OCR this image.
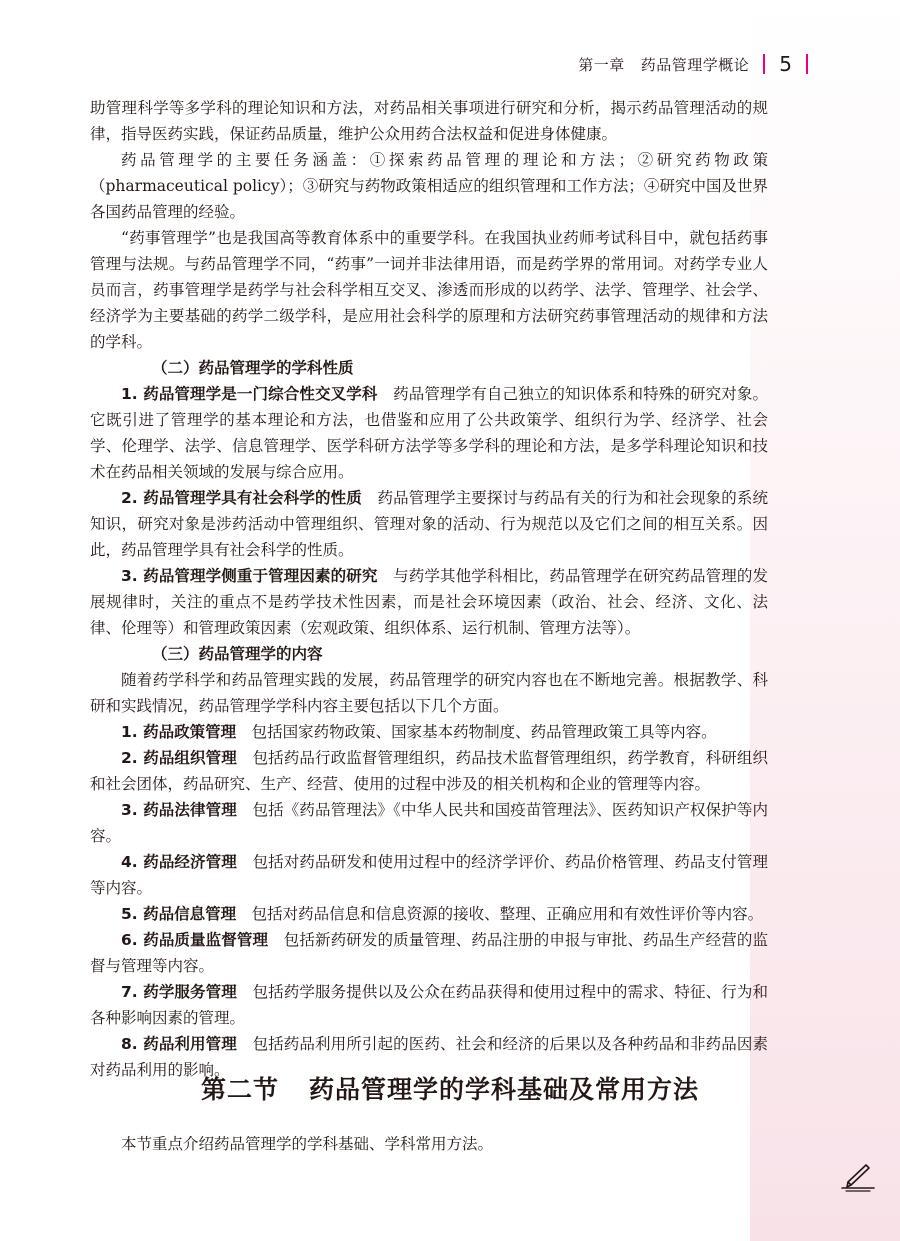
第一章 药品管理学概论 5

助管理科学等多学科的理论知识和方法，对药品相关事项进行研究和分析，揭示药品管理活动的规律，指导医药实践，保证药品质量，维护公众用药合法权益和促进身体健康。

药品管理学的主要任务涵盖：①探索药品管理的理论和方法；②研究药物政策（pharmaceutical policy）；③研究与药物政策相适应的组织管理和工作方法；④研究中国及世界各国药品管理的经验。

“药事管理学”也是我国高等教育体系中的重要学科。在我国执业药师考试科目中，就包括药事管理与法规。与药品管理学不同，“药事”一词并非法律用语，而是药学界的常用词。对药学专业人员而言，药事管理学是药学与社会科学相互交叉、渗透而形成的以药学、法学、管理学、社会学、经济学为主要基础的药学二级学科，是应用社会科学的原理和方法研究药事管理活动的规律和方法的学科。

（二）药品管理学的学科性质

1. 药品管理学是一门综合性交叉学科　 药品管理学有自己独立的知识体系和特殊的研究对象。它既引进了管理学的基本理论和方法，也借鉴和应用了公共政策学、组织行为学、经济学、社会学、伦理学、法学、信息管理学、医学科研方法学等多学科的理论和方法，是多学科理论知识和技术在药品相关领域的发展与综合应用。

2. 药品管理学具有社会科学的性质　 药品管理学主要探讨与药品有关的行为和社会现象的系统知识，研究对象是涉药活动中管理组织、管理对象的活动、行为规范以及它们之间的相互关系。因此，药品管理学具有社会科学的性质。

3. 药品管理学侧重于管理因素的研究　 与药学其他学科相比，药品管理学在研究药品管理的发展规律时，关注的重点不是药学技术性因素，而是社会环境因素（政治、社会、经济、文化、法律、伦理等）和管理政策因素（宏观政策、组织体系、运行机制、管理方法等）。

（三）药品管理学的内容

随着药学科学和药品管理实践的发展，药品管理学的研究内容也在不断地完善。根据教学、科研和实践情况，药品管理学学科内容主要包括以下几个方面。

1. 药品政策管理　 包括国家药物政策、国家基本药物制度、药品管理政策工具等内容。

2. 药品组织管理　 包括药品行政监督管理组织，药品技术监督管理组织，药学教育，科研组织和社会团体，药品研究、生产、经营、使用的过程中涉及的相关机构和企业的管理等内容。

3. 药品法律管理　 包括《药品管理法》《中华人民共和国疫苗管理法》、医药知识产权保护等内容。

4. 药品经济管理　 包括对药品研发和使用过程中的经济学评价、药品价格管理、药品支付管理等内容。

5. 药品信息管理　 包括对药品信息和信息资源的接收、整理、正确应用和有效性评价等内容。

6. 药品质量监督管理　 包括新药研发的质量管理、药品注册的申报与审批、药品生产经营的监督与管理等内容。

7. 药学服务管理　 包括药学服务提供以及公众在药品获得和使用过程中的需求、特征、行为和各种影响因素的管理。

8. 药品利用管理　 包括药品利用所引起的医药、社会和经济的后果以及各种药品和非药品因素对药品利用的影响。

第二节 药品管理学的学科基础及常用方法

本节重点介绍药品管理学的学科基础、学科常用方法。
